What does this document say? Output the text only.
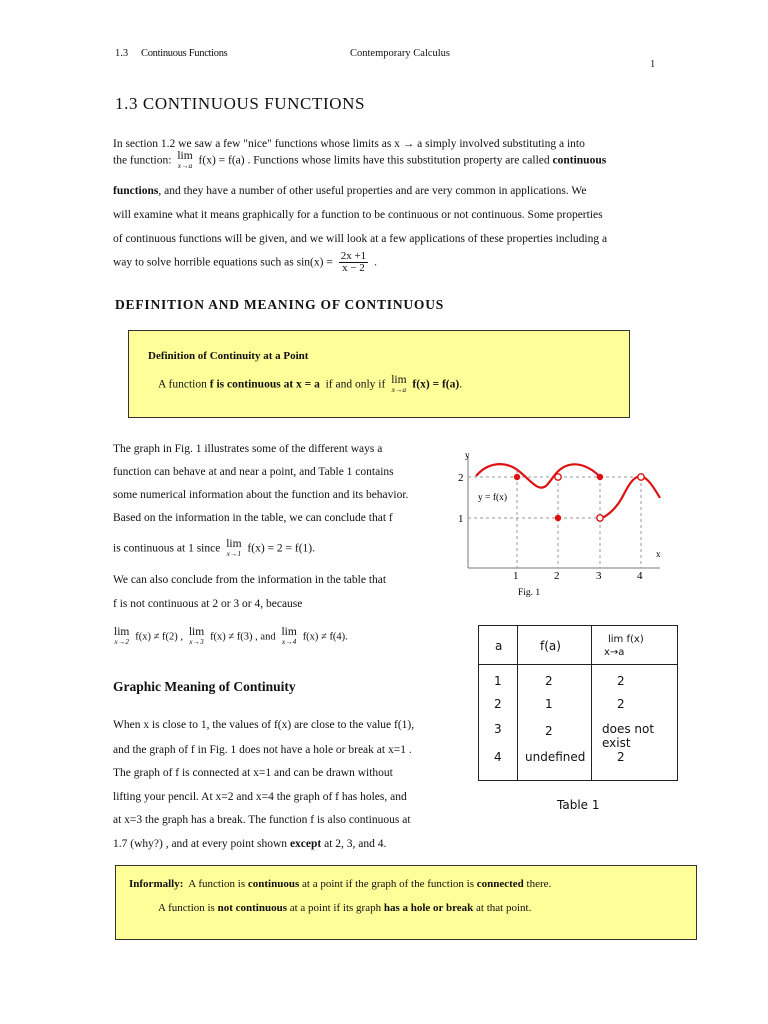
1.3 Continuous Functions	Contemporary Calculus
1
1.3 CONTINUOUS FUNCTIONS
In section 1.2 we saw a few "nice" functions whose limits as x → a simply involved substituting a into
the function: lim
x→a f(x) = f(a) . Functions whose limits have this substitution property are called continuous
functions, and they have a number of other useful properties and are very common in applications. We
will examine what it means graphically for a function to be continuous or not continuous. Some properties
of continuous functions will be given, and we will look at a few applications of these properties including a
way to solve horrible equations such as $\sin(x) = \frac{2x +1}{x - 2}$ .
DEFINITION AND MEANING OF CONTINUOUS
Definition of Continuity at a Point
A function f is continuous at x = a if and only if lim
x→a f(x) = f(a).
The graph in Fig. 1 illustrates some of the different ways a
function can behave at and near a point, and Table 1 contains
some numerical information about the function and its behavior.
Based on the information in the table, we can conclude that f
is continuous at 1 since lim
x→1 f(x) = 2 = f(1).
We can also conclude from the information in the table that
f is not continuous at 2 or 3 or 4, because
lim
x→2 f(x) ≠ f(2) , lim
x→3 f(x) ≠ f(3) , and lim
x→4 f(x) ≠ f(4).
y
x
2
1
1	2	3	4
y = f(x)
Fig. 1
Graphic Meaning of Continuity
When x is close to 1, the values of f(x) are close to the value f(1),
and the graph of f in Fig. 1 does not have a hole or break at x=1 .
The graph of f is connected at x=1 and can be drawn without
lifting your pencil. At x=2 and x=4 the graph of f has holes, and
at x=3 the graph has a break. The function f is also continuous at
1.7 (why?) , and at every point shown except at 2, 3, and 4.
a	f(a)	lim f(x)
x→a
1	2	2
2	1	2
3	2	does not exist
4 undefined	2
Table 1
Informally: A function is continuous at a point if the graph of the function is connected there.
A function is not continuous at a point if its graph has a hole or break at that point.
